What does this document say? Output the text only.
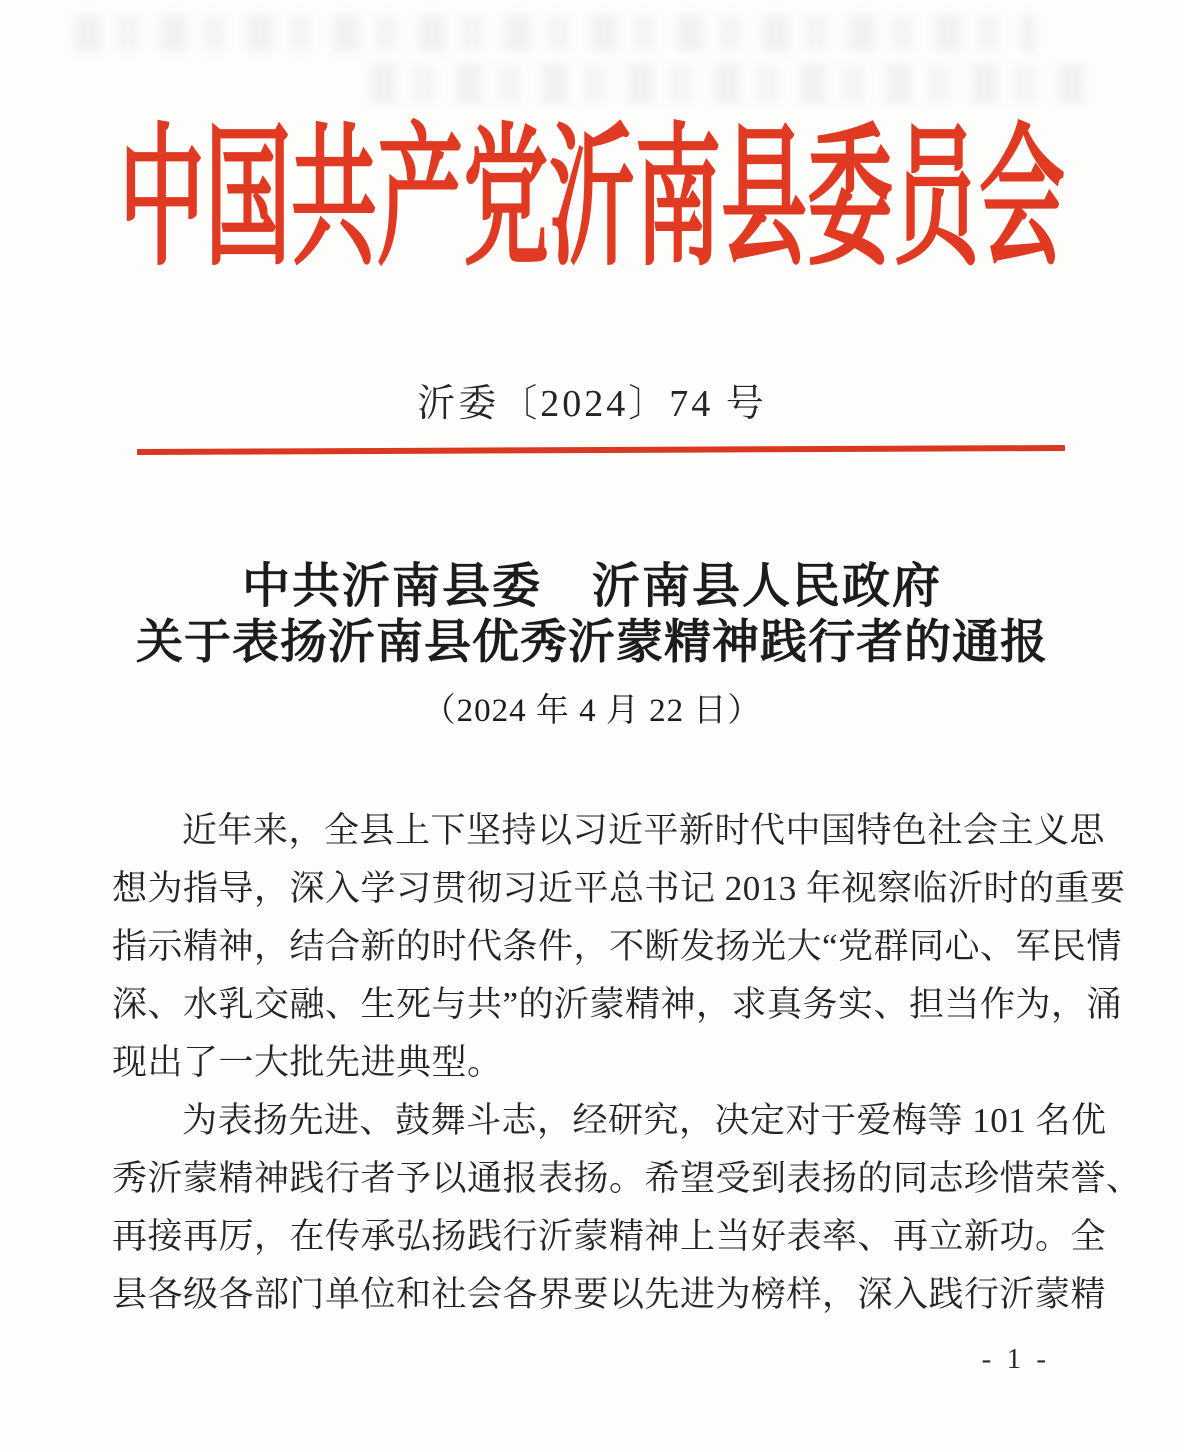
中国共产党沂南县委员会
沂委〔2024〕74 号
中共沂南县委　沂南县人民政府
关于表扬沂南县优秀沂蒙精神践行者的通报
（2024 年 4 月 22 日）
近年来，全县上下坚持以习近平新时代中国特色社会主义思
想为指导，深入学习贯彻习近平总书记 2013 年视察临沂时的重要
指示精神，结合新的时代条件，不断发扬光大“党群同心、军民情
深、水乳交融、生死与共”的沂蒙精神，求真务实、担当作为，涌
现出了一大批先进典型。
为表扬先进、鼓舞斗志，经研究，决定对于爱梅等 101 名优
秀沂蒙精神践行者予以通报表扬。希望受到表扬的同志珍惜荣誉、
再接再厉，在传承弘扬践行沂蒙精神上当好表率、再立新功。全
县各级各部门单位和社会各界要以先进为榜样，深入践行沂蒙精
- 1 -
